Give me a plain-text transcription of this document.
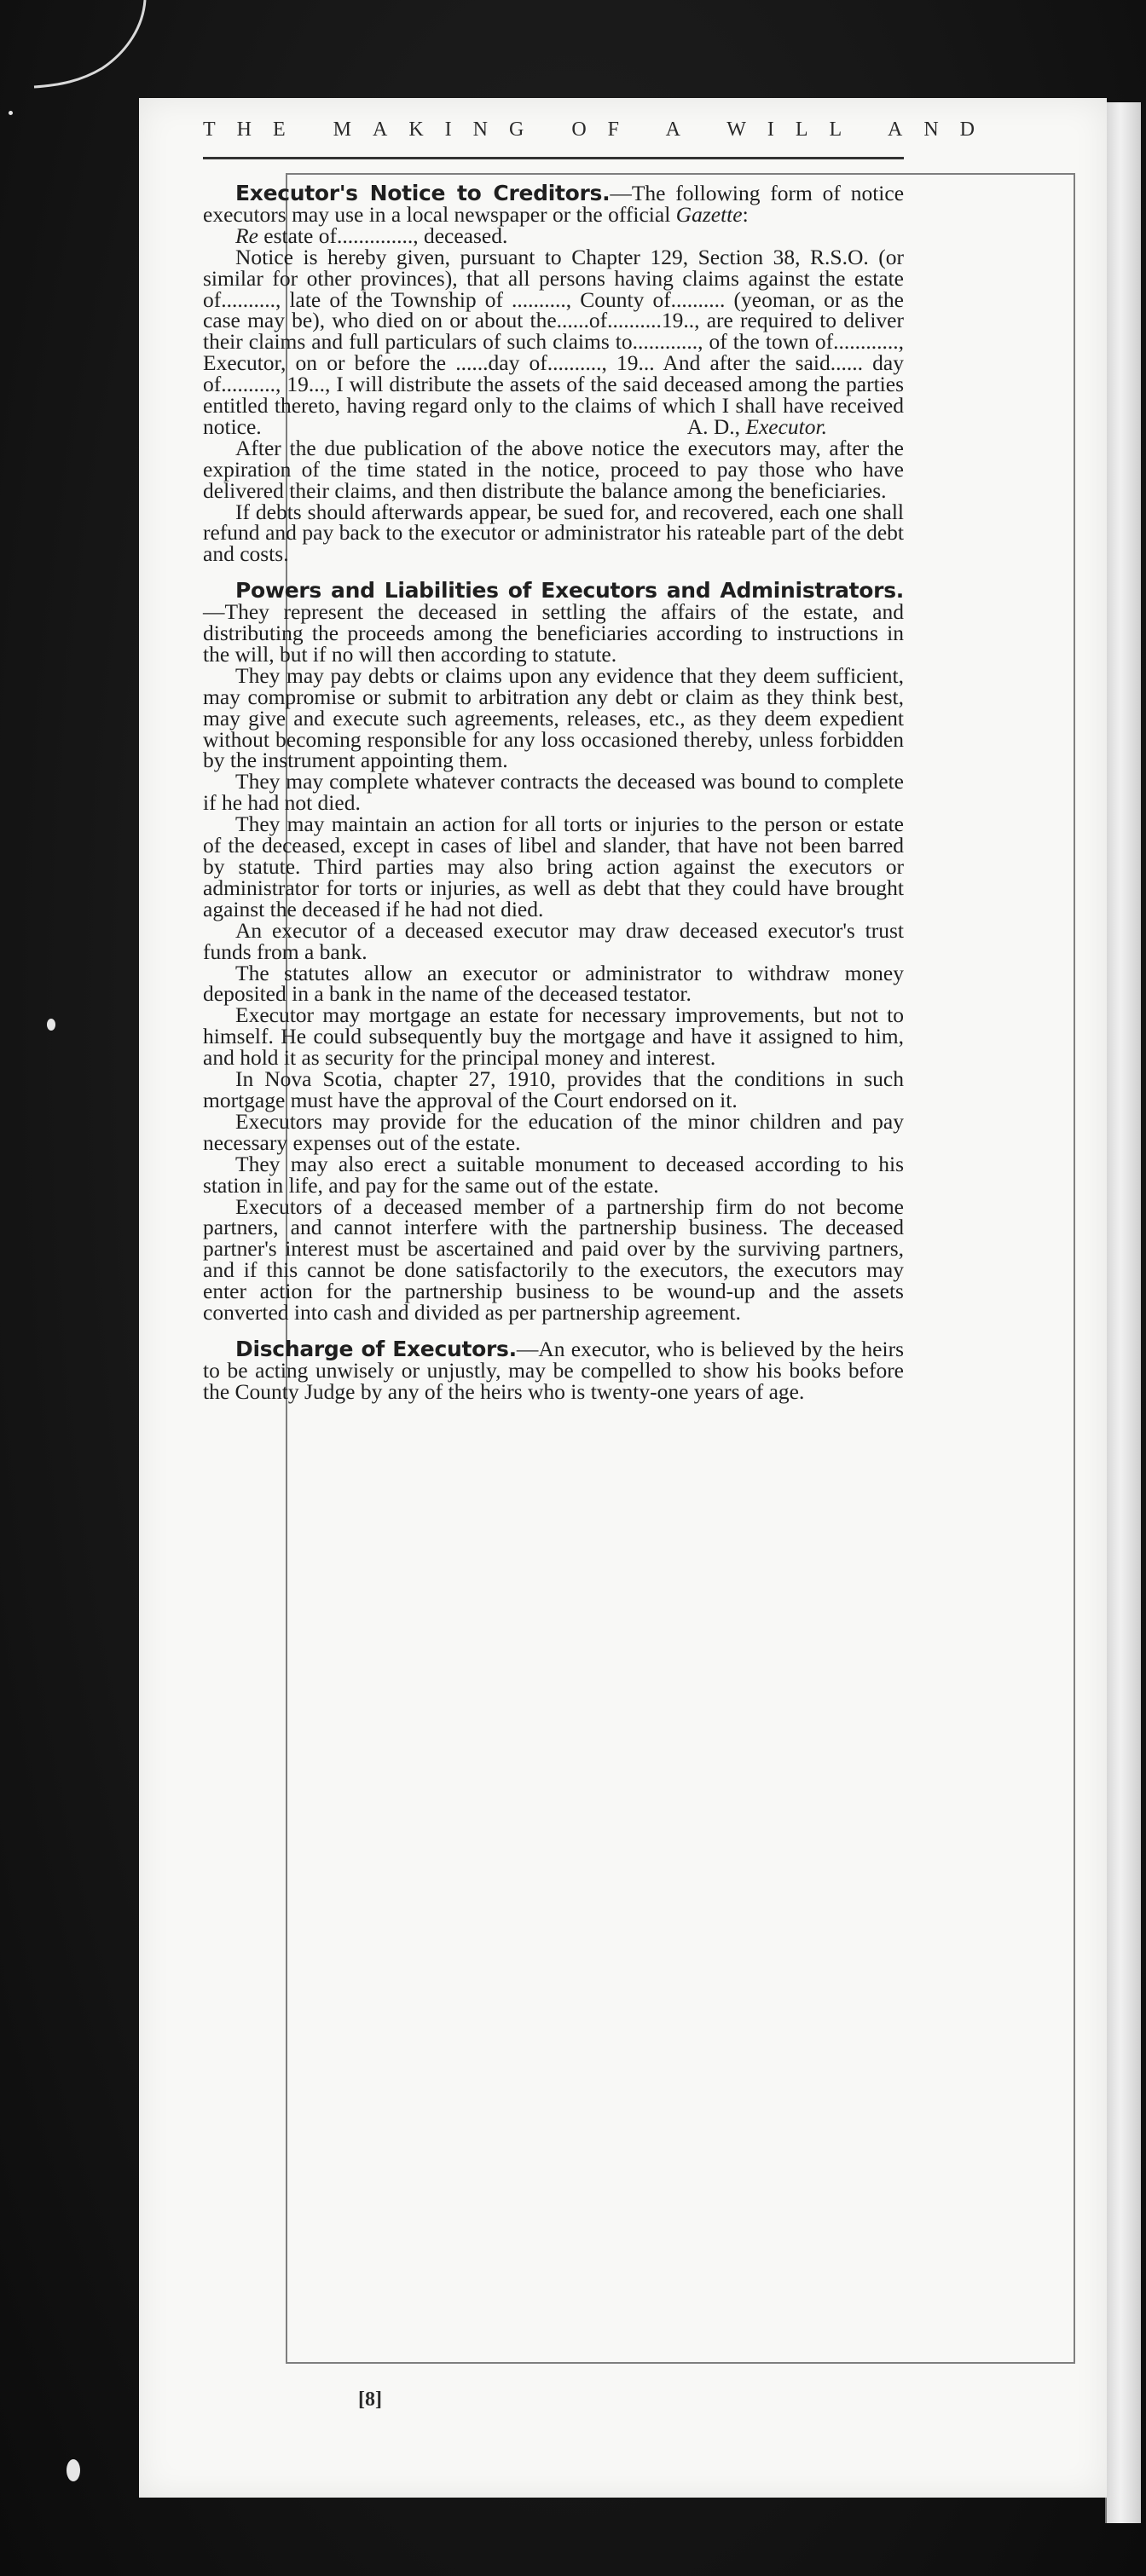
THE MAKING OF A WILL AND

Executor's Notice to Creditors.—The following form of notice executors may use in a local newspaper or the official Gazette:

Re estate of.............., deceased.

Notice is hereby given, pursuant to Chapter 129, Section 38, R.S.O. (or similar for other provinces), that all persons having claims against the estate of.........., late of the Township of .........., County of.......... (yeoman, or as the case may be), who died on or about the......of..........19.., are required to deliver their claims and full particulars of such claims to............, of the town of............, Executor, on or before the ......day of.........., 19... And after the said...... day of.........., 19..., I will distribute the assets of the said deceased among the parties entitled thereto, having regard only to the claims of which I shall have received notice.	A. D., Executor.

After the due publication of the above notice the executors may, after the expiration of the time stated in the notice, proceed to pay those who have delivered their claims, and then distribute the balance among the beneficiaries.

If debts should afterwards appear, be sued for, and recovered, each one shall refund and pay back to the executor or administrator his rateable part of the debt and costs.

Powers and Liabilities of Executors and Administrators.—They represent the deceased in settling the affairs of the estate, and distributing the proceeds among the beneficiaries according to instructions in the will, but if no will then according to statute.

They may pay debts or claims upon any evidence that they deem sufficient, may compromise or submit to arbitration any debt or claim as they think best, may give and execute such agreements, releases, etc., as they deem expedient without becoming responsible for any loss occasioned thereby, unless forbidden by the instrument appointing them.

They may complete whatever contracts the deceased was bound to complete if he had not died.

They may maintain an action for all torts or injuries to the person or estate of the deceased, except in cases of libel and slander, that have not been barred by statute. Third parties may also bring action against the executors or administrator for torts or injuries, as well as debt that they could have brought against the deceased if he had not died.

An executor of a deceased executor may draw deceased executor's trust funds from a bank.

The statutes allow an executor or administrator to withdraw money deposited in a bank in the name of the deceased testator.

Executor may mortgage an estate for necessary improvements, but not to himself. He could subsequently buy the mortgage and have it assigned to him, and hold it as security for the principal money and interest.

In Nova Scotia, chapter 27, 1910, provides that the conditions in such mortgage must have the approval of the Court endorsed on it.

Executors may provide for the education of the minor children and pay necessary expenses out of the estate.

They may also erect a suitable monument to deceased according to his station in life, and pay for the same out of the estate.

Executors of a deceased member of a partnership firm do not become partners, and cannot interfere with the partnership business. The deceased partner's interest must be ascertained and paid over by the surviving partners, and if this cannot be done satisfactorily to the executors, the executors may enter action for the partnership business to be wound-up and the assets converted into cash and divided as per partnership agreement.

Discharge of Executors.—An executor, who is believed by the heirs to be acting unwisely or unjustly, may be compelled to show his books before the County Judge by any of the heirs who is twenty-one years of age.

[8]
